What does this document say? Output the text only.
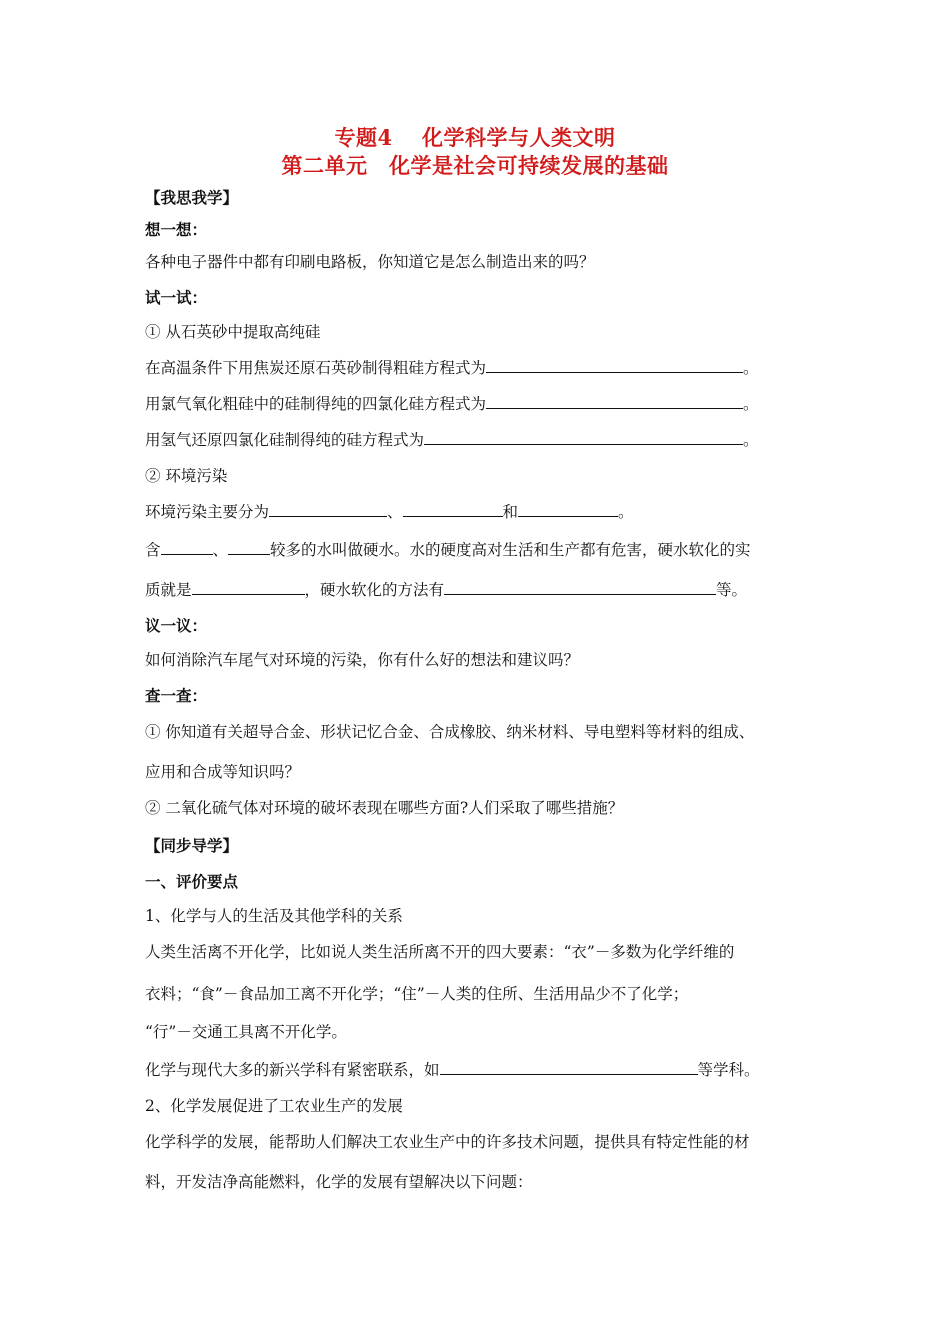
专题4　 化学科学与人类文明
第二单元　化学是社会可持续发展的基础
【我思我学】
想一想：
各种电子器件中都有印刷电路板，你知道它是怎么制造出来的吗？
试一试：
① 从石英砂中提取高纯硅
在高温条件下用焦炭还原石英砂制得粗硅方程式为	。
用氯气氧化粗硅中的硅制得纯的四氯化硅方程式为	。
用氢气还原四氯化硅制得纯的硅方程式为	。
② 环境污染
环境污染主要分为	、	和	。
含	、	较多的水叫做硬水。水的硬度高对生活和生产都有危害，硬水软化的实
质就是	，硬水软化的方法有	等。
议一议：
如何消除汽车尾气对环境的污染，你有什么好的想法和建议吗？
查一查：
① 你知道有关超导合金、形状记忆合金、合成橡胶、纳米材料、导电塑料等材料的组成、
应用和合成等知识吗？
② 二氧化硫气体对环境的破坏表现在哪些方面?人们采取了哪些措施？
【同步导学】
一、评价要点
1、化学与人的生活及其他学科的关系
人类生活离不开化学，比如说人类生活所离不开的四大要素：“衣”－多数为化学纤维的
衣料；“食”－食品加工离不开化学；“住”－人类的住所、生活用品少不了化学；
“行”－交通工具离不开化学。
化学与现代大多的新兴学科有紧密联系，如	等学科。
2、化学发展促进了工农业生产的发展
化学科学的发展，能帮助人们解决工农业生产中的许多技术问题，提供具有特定性能的材
料，开发洁净高能燃料，化学的发展有望解决以下问题：
